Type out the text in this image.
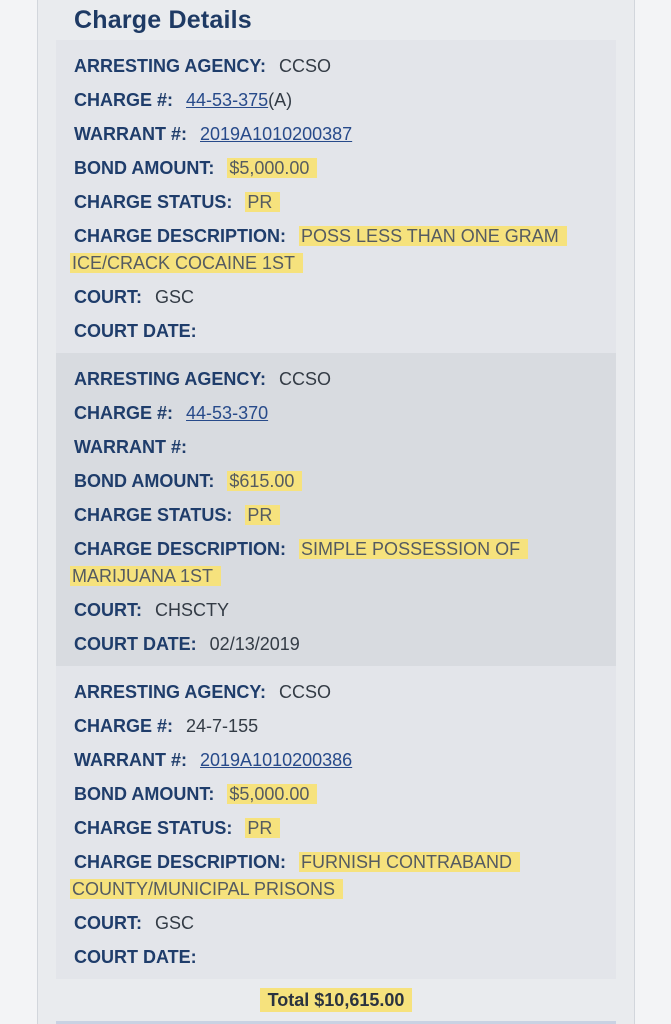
Charge Details
ARRESTING AGENCY: CCSO
CHARGE #: 44-53-375(A)
WARRANT #: 2019A1010200387
BOND AMOUNT: $5,000.00
CHARGE STATUS: PR
CHARGE DESCRIPTION: POSS LESS THAN ONE GRAM
ICE/CRACK COCAINE 1ST
COURT: GSC
COURT DATE:
ARRESTING AGENCY: CCSO
CHARGE #: 44-53-370
WARRANT #:
BOND AMOUNT: $615.00
CHARGE STATUS: PR
CHARGE DESCRIPTION: SIMPLE POSSESSION OF
MARIJUANA 1ST
COURT: CHSCTY
COURT DATE: 02/13/2019
ARRESTING AGENCY: CCSO
CHARGE #: 24-7-155
WARRANT #: 2019A1010200386
BOND AMOUNT: $5,000.00
CHARGE STATUS: PR
CHARGE DESCRIPTION: FURNISH CONTRABAND
COUNTY/MUNICIPAL PRISONS
COURT: GSC
COURT DATE:
Total $10,615.00
